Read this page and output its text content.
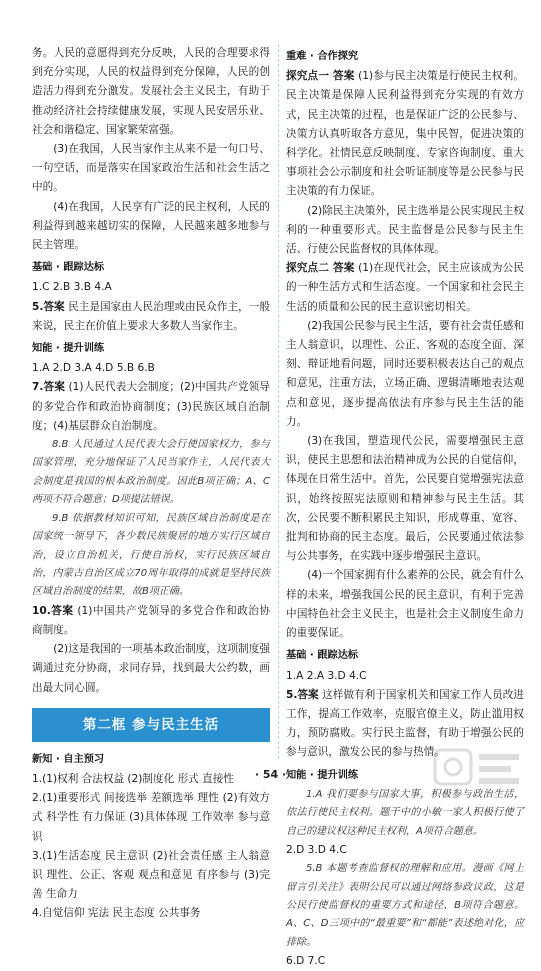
务。人民的意愿得到充分反映，人民的合理要求得到充分实现，人民的权益得到充分保障，人民的创造活力得到充分激发。发展社会主义民主，有助于推动经济社会持续健康发展，实现人民安居乐业、社会和谐稳定、国家繁荣富强。

(3)在我国，人民当家作主从来不是一句口号、一句空话，而是落实在国家政治生活和社会生活之中的。

(4)在我国，人民享有广泛的民主权利，人民的利益得到越来越切实的保障，人民越来越多地参与民主管理。

基础 · 跟踪达标

1.C 2.B 3.B 4.A

5.答案 民主是国家由人民治理或由民众作主，一般来说，民主在价值上要求大多数人当家作主。

知能 · 提升训练

1.A 2.D 3.A 4.D 5.B 6.B

7.答案 (1)人民代表大会制度；(2)中国共产党领导的多党合作和政治协商制度；(3)民族区域自治制度；(4)基层群众自治制度。

8.B 人民通过人民代表大会行使国家权力，参与国家管理，充分地保证了人民当家作主，人民代表大会制度是我国的根本政治制度。因此B项正确；A、C两项不符合题意；D项提法错误。

9.B 依据教材知识可知，民族区域自治制度是在国家统一领导下，各少数民族聚居的地方实行区域自治，设立自治机关，行使自治权，实行民族区域自治，内蒙古自治区成立70周年取得的成就是坚持民族区域自治制度的结果，故B项正确。

10.答案 (1)中国共产党领导的多党合作和政治协商制度。

(2)这是我国的一项基本政治制度，这项制度强调通过充分协商，求同存异，找到最大公约数，画出最大同心圆。

第二框 参与民主生活
新知 · 自主预习

1.(1)权利 合法权益 (2)制度化 形式 直接性

2.(1)重要形式 间接选举 差额选举 理性 (2)有效方式 科学性 有力保证 (3)具体体现 工作效率 参与意识

3.(1)生活态度 民主意识 (2)社会责任感 主人翁意识 理性、公正、客观 观点和意见 有序参与 (3)完善 生命力

4.自觉信仰 宪法 民主态度 公共事务

重难 · 合作探究

探究点一 答案 (1)参与民主决策是行使民主权利。民主决策是保障人民利益得到充分实现的有效方式，民主决策的过程，也是保证广泛的公民参与、决策方认真听取各方意见，集中民智，促进决策的科学化。社情民意反映制度、专家咨询制度、重大事项社会公示制度和社会听证制度等是公民参与民主决策的有力保证。

(2)除民主决策外，民主选举是公民实现民主权利的一种重要形式。民主监督是公民参与民主生活、行使公民监督权的具体体现。

探究点二 答案 (1)在现代社会，民主应该成为公民的一种生活方式和生活态度。一个国家和社会民主生活的质量和公民的民主意识密切相关。

(2)我国公民参与民主生活，要有社会责任感和主人翁意识，以理性、公正、客观的态度全面、深刻、辩证地看问题，同时还要积极表达自己的观点和意见，注重方法，立场正确、逻辑清晰地表达观点和意见，逐步提高依法有序参与民主生活的能力。

(3)在我国，塑造现代公民，需要增强民主意识，使民主思想和法治精神成为公民的自觉信仰，体现在日常生活中。首先，公民要自觉增强宪法意识，始终按照宪法原则和精神参与民主生活。其次，公民要不断积累民主知识，形成尊重、宽容、批判和协商的民主态度。最后，公民要通过依法参与公共事务，在实践中逐步增强民主意识。

(4)一个国家拥有什么素养的公民，就会有什么样的未来，增强我国公民的民主意识，有利于完善中国特色社会主义民主，也是社会主义制度生命力的重要保证。

基础 · 跟踪达标

1.A 2.A 3.D 4.C

5.答案 这样做有利于国家机关和国家工作人员改进工作，提高工作效率，克服官僚主义，防止滥用权力，预防腐败。实行民主监督，有助于增强公民的参与意识，激发公民的参与热情。

知能 · 提升训练

1.A 我们要参与国家大事，积极参与政治生活，依法行使民主权利。题干中的小敏一家人积极行使了自己的建议权这种民主权利，A项符合题意。

2.D 3.D 4.C

5.B 本题考查监督权的理解和应用。漫画《网上留言引关注》表明公民可以通过网络参政议政，这是公民行使监督权的重要方式和途径，B项符合题意。A、C、D三项中的“最重要”和“都能”表述绝对化，应排除。

6.D 7.C

· 54 ·
